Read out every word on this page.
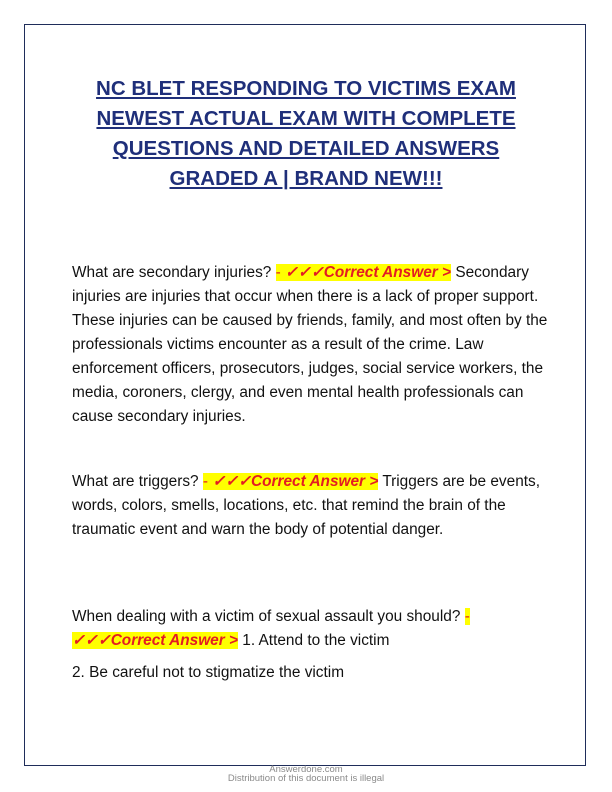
NC BLET RESPONDING TO VICTIMS EXAM
NEWEST ACTUAL EXAM WITH COMPLETE
QUESTIONS AND DETAILED ANSWERS
GRADED A | BRAND NEW!!!
What are secondary injuries? - ✓✓✓Correct Answer > Secondary injuries are injuries that occur when there is a lack of proper support. These injuries can be caused by friends, family, and most often by the professionals victims encounter as a result of the crime. Law enforcement officers, prosecutors, judges, social service workers, the media, coroners, clergy, and even mental health professionals can cause secondary injuries.
What are triggers? - ✓✓✓Correct Answer > Triggers are be events, words, colors, smells, locations, etc. that remind the brain of the traumatic event and warn the body of potential danger.
When dealing with a victim of sexual assault you should? - ✓✓✓Correct Answer > 1. Attend to the victim
2. Be careful not to stigmatize the victim
Answerdone.com
Distribution of this document is illegal
